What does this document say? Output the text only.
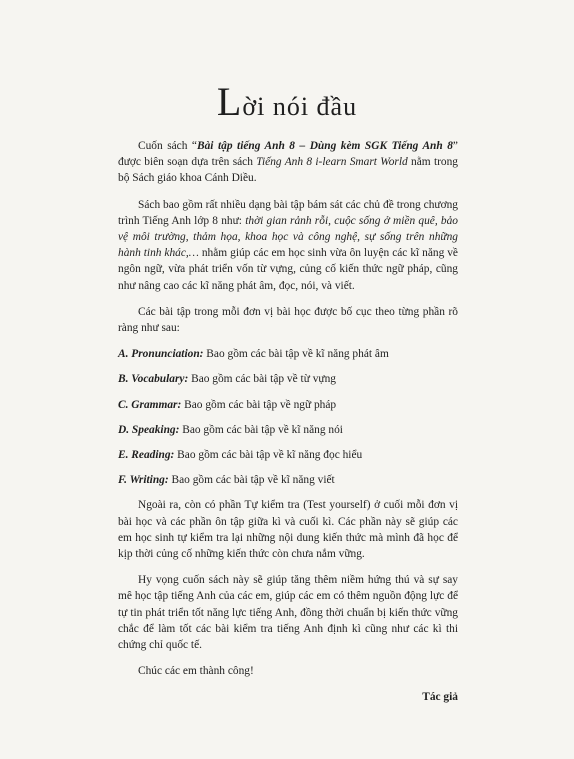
Lời nói đầu

Cuốn sách “Bài tập tiếng Anh 8 – Dùng kèm SGK Tiếng Anh 8” được biên soạn dựa trên sách Tiếng Anh 8 i-learn Smart World nằm trong bộ Sách giáo khoa Cánh Diều.

Sách bao gồm rất nhiều dạng bài tập bám sát các chủ đề trong chương trình Tiếng Anh lớp 8 như: thời gian rảnh rỗi, cuộc sống ở miền quê, bảo vệ môi trường, thảm họa, khoa học và công nghệ, sự sống trên những hành tinh khác,… nhằm giúp các em học sinh vừa ôn luyện các kĩ năng về ngôn ngữ, vừa phát triển vốn từ vựng, củng cố kiến thức ngữ pháp, cũng như nâng cao các kĩ năng phát âm, đọc, nói, và viết.

Các bài tập trong mỗi đơn vị bài học được bố cục theo từng phần rõ ràng như sau:

A. Pronunciation: Bao gồm các bài tập về kĩ năng phát âm

B. Vocabulary: Bao gồm các bài tập về từ vựng

C. Grammar: Bao gồm các bài tập về ngữ pháp

D. Speaking: Bao gồm các bài tập về kĩ năng nói

E. Reading: Bao gồm các bài tập về kĩ năng đọc hiểu

F. Writing: Bao gồm các bài tập về kĩ năng viết

Ngoài ra, còn có phần Tự kiểm tra (Test yourself) ở cuối mỗi đơn vị bài học và các phần ôn tập giữa kì và cuối kì. Các phần này sẽ giúp các em học sinh tự kiểm tra lại những nội dung kiến thức mà mình đã học để kịp thời củng cố những kiến thức còn chưa nắm vững.

Hy vọng cuốn sách này sẽ giúp tăng thêm niềm hứng thú và sự say mê học tập tiếng Anh của các em, giúp các em có thêm nguồn động lực để tự tin phát triển tốt năng lực tiếng Anh, đồng thời chuẩn bị kiến thức vững chắc để làm tốt các bài kiểm tra tiếng Anh định kì cũng như các kì thi chứng chỉ quốc tế.

Chúc các em thành công!

Tác giả
